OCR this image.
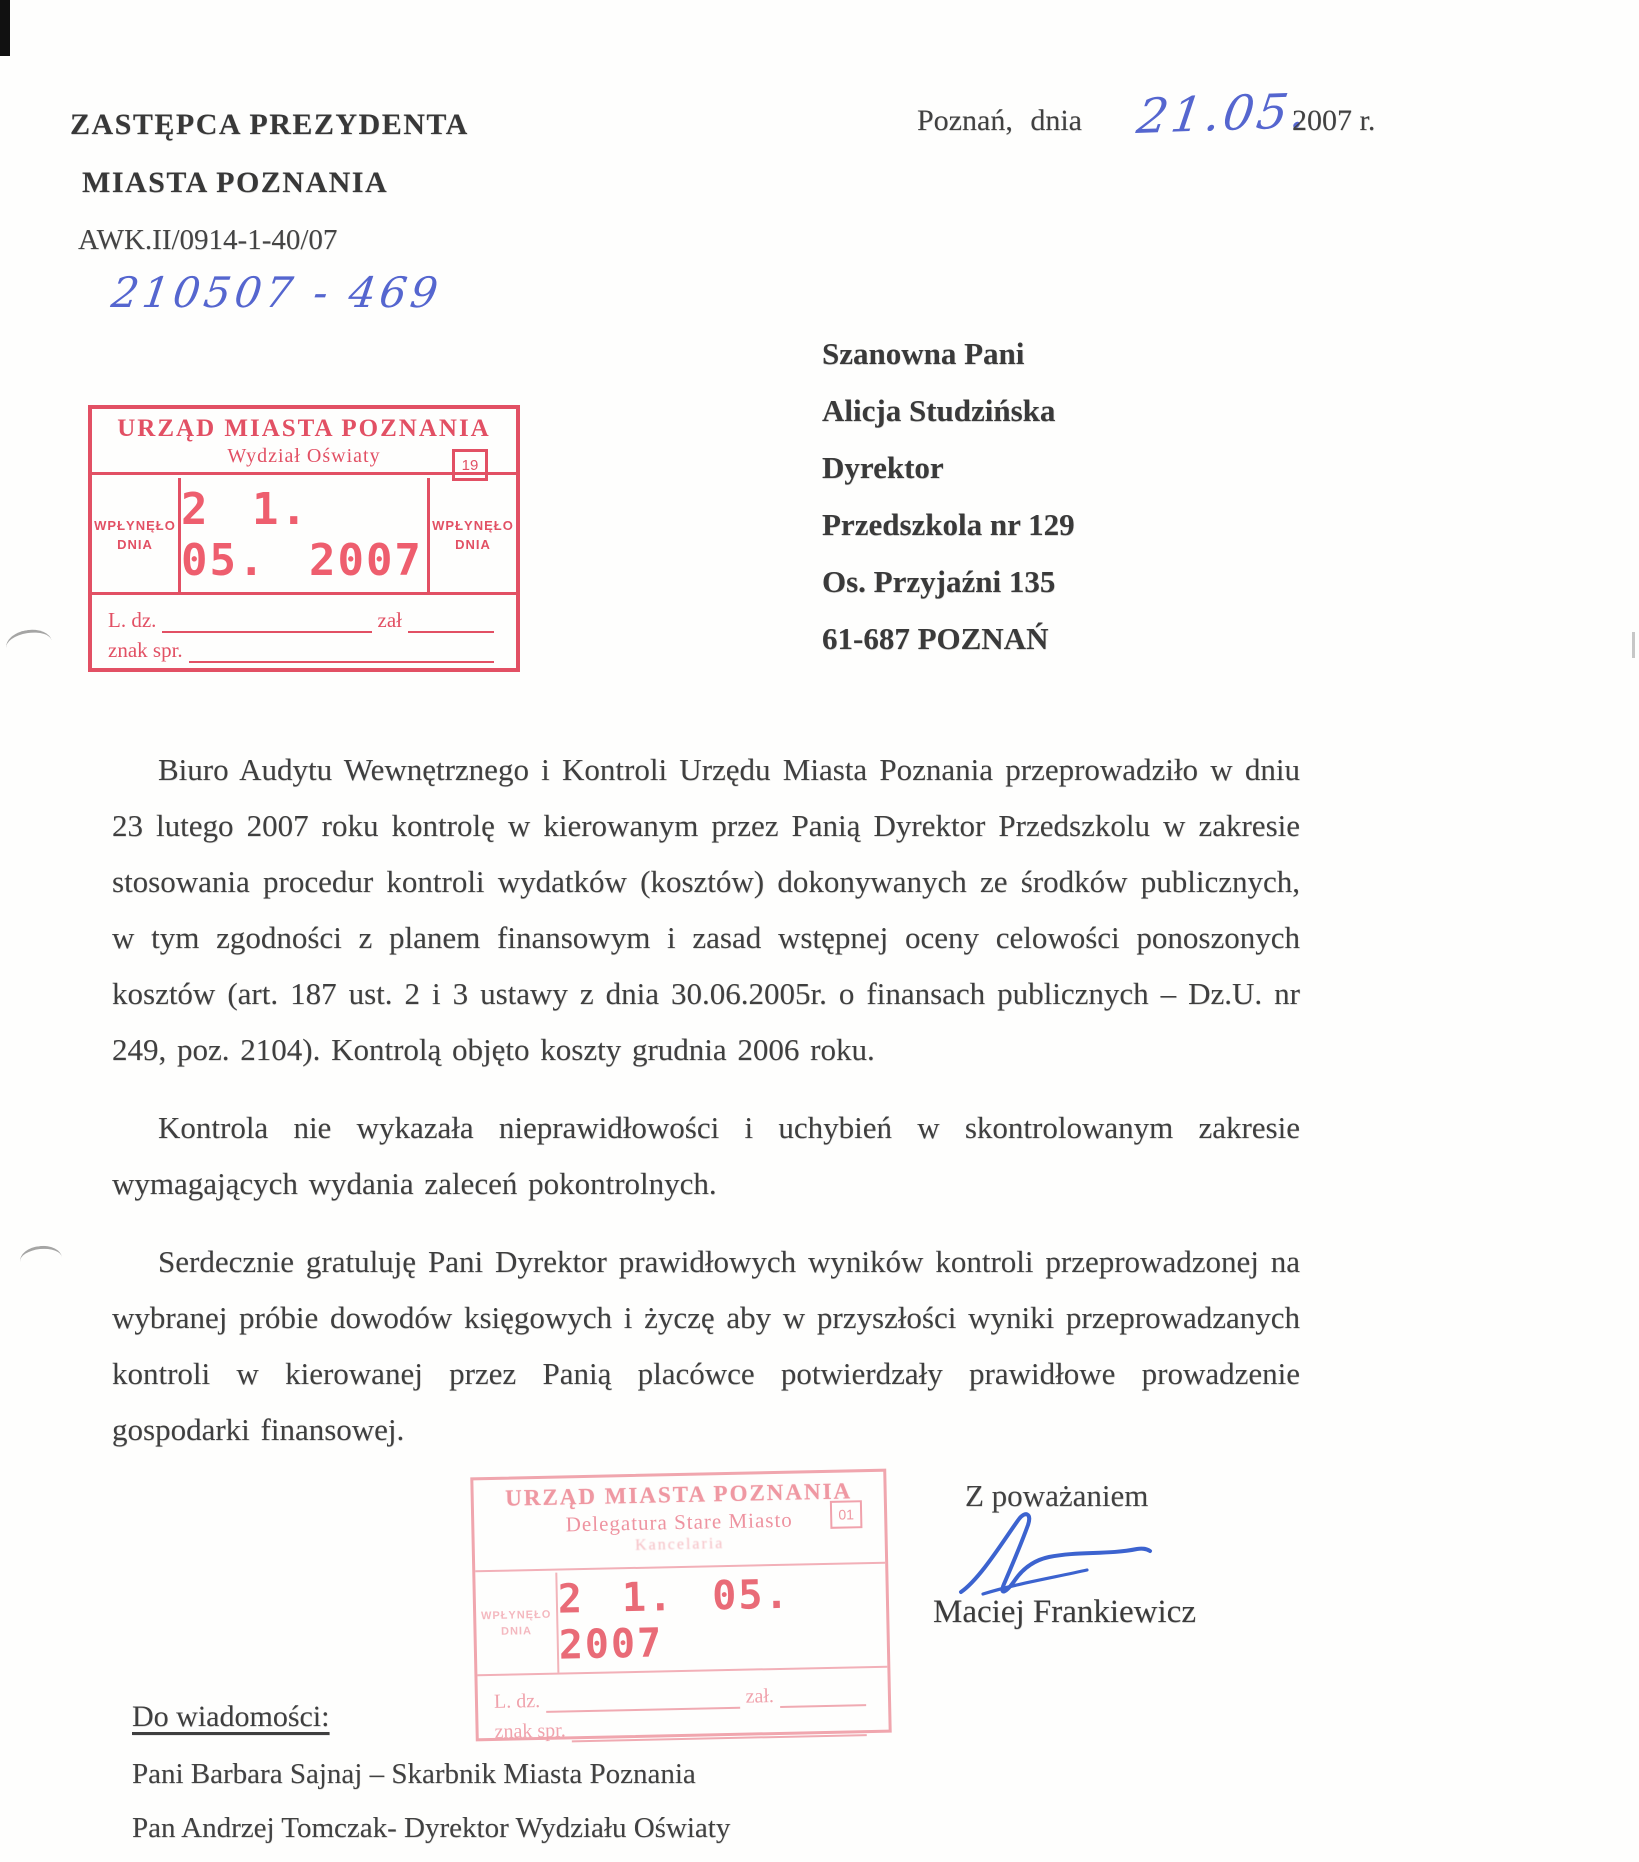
ZASTĘPCA PREZYDENTA
MIASTA POZNANIA
AWK.II/0914-1-40/07
210507 - 469
Poznań, dnia 21.05.
2007 r.
Szanowna Pani
Alicja Studzińska
Dyrektor
Przedszkola nr 129
Os. Przyjaźni 135
61-687 POZNAŃ
URZĄD MIASTA POZNANIA
Wydział Oświaty	19
WPŁYNĘŁO
DNIA
2 1. 05. 2007
WPŁYNĘŁO
DNIA
L. dz.	zał
znak spr.

Biuro Audytu Wewnętrznego i Kontroli Urzędu Miasta Poznania przeprowadziło w dniu 23 lutego 2007 roku kontrolę w kierowanym przez Panią Dyrektor Przedszkolu w zakresie stosowania procedur kontroli wydatków (kosztów) dokonywanych ze środków publicznych, w tym zgodności z planem finansowym i zasad wstępnej oceny celowości ponoszonych kosztów (art. 187 ust. 2 i 3 ustawy z dnia 30.06.2005r. o finansach publicznych – Dz.U. nr 249, poz. 2104). Kontrolą objęto koszty grudnia 2006 roku.

Kontrola nie wykazała nieprawidłowości i uchybień w skontrolowanym zakresie wymagających wydania zaleceń pokontrolnych.

Serdecznie gratuluję Pani Dyrektor prawidłowych wyników kontroli przeprowadzonej na wybranej próbie dowodów księgowych i życzę aby w przyszłości wyniki przeprowadzanych kontroli w kierowanej przez Panią placówce potwierdzały prawidłowe prowadzenie gospodarki finansowej.

URZĄD MIASTA POZNANIA
Delegatura Stare Miasto
Kancelaria
01
WPŁYNĘŁO
DNIA
2 1. 05. 2007
L. dz.	zał.
znak spr.
Z poważaniem
Maciej Frankiewicz
Do wiadomości:
Pani Barbara Sajnaj – Skarbnik Miasta Poznania
Pan Andrzej Tomczak- Dyrektor Wydziału Oświaty
